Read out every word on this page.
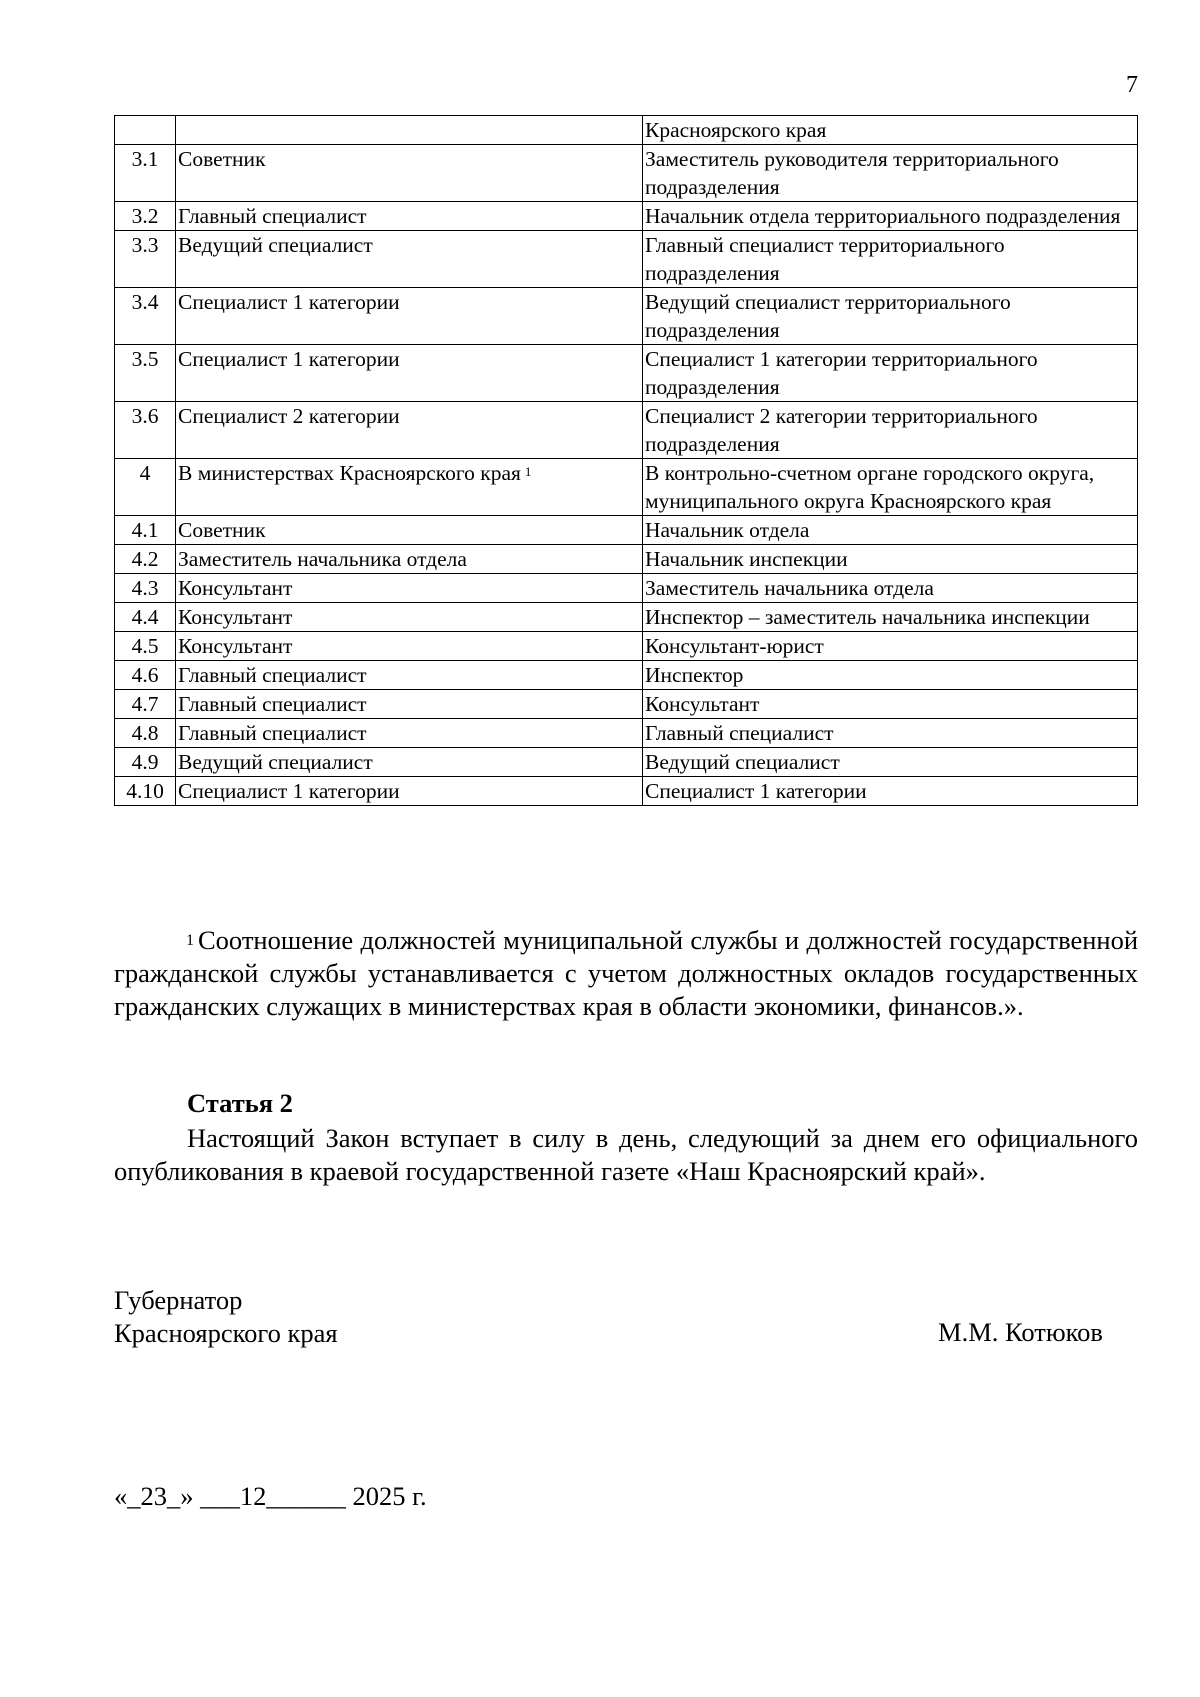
7
		Красноярского края
3.1	Советник	Заместитель руководителя территориального подразделения
3.2	Главный специалист	Начальник отдела территориального подразделения
3.3	Ведущий специалист	Главный специалист территориального подразделения
3.4	Специалист 1 категории	Ведущий специалист территориального подразделения
3.5	Специалист 1 категории	Специалист 1 категории территориального подразделения
3.6	Специалист 2 категории	Специалист 2 категории территориального подразделения
4	В министерствах Красноярского края $^1$	В контрольно-счетном органе городского округа, муниципального округа Красноярского края
4.1	Советник	Начальник отдела
4.2	Заместитель начальника отдела	Начальник инспекции
4.3	Консультант	Заместитель начальника отдела
4.4	Консультант	Инспектор – заместитель начальника инспекции
4.5	Консультант	Консультант-юрист
4.6	Главный специалист	Инспектор
4.7	Главный специалист	Консультант
4.8	Главный специалист	Главный специалист
4.9	Ведущий специалист	Ведущий специалист
4.10	Специалист 1 категории	Специалист 1 категории
$^1$ Соотношение должностей муниципальной службы и должностей государственной гражданской службы устанавливается с учетом должностных окладов государственных гражданских служащих в министерствах края в области экономики, финансов.».
Статья 2
Настоящий Закон вступает в силу в день, следующий за днем его официального опубликования в краевой государственной газете «Наш Красноярский край».
Губернатор
Красноярского края	М.М. Котюков
«_23_» ___12______ 2025 г.
